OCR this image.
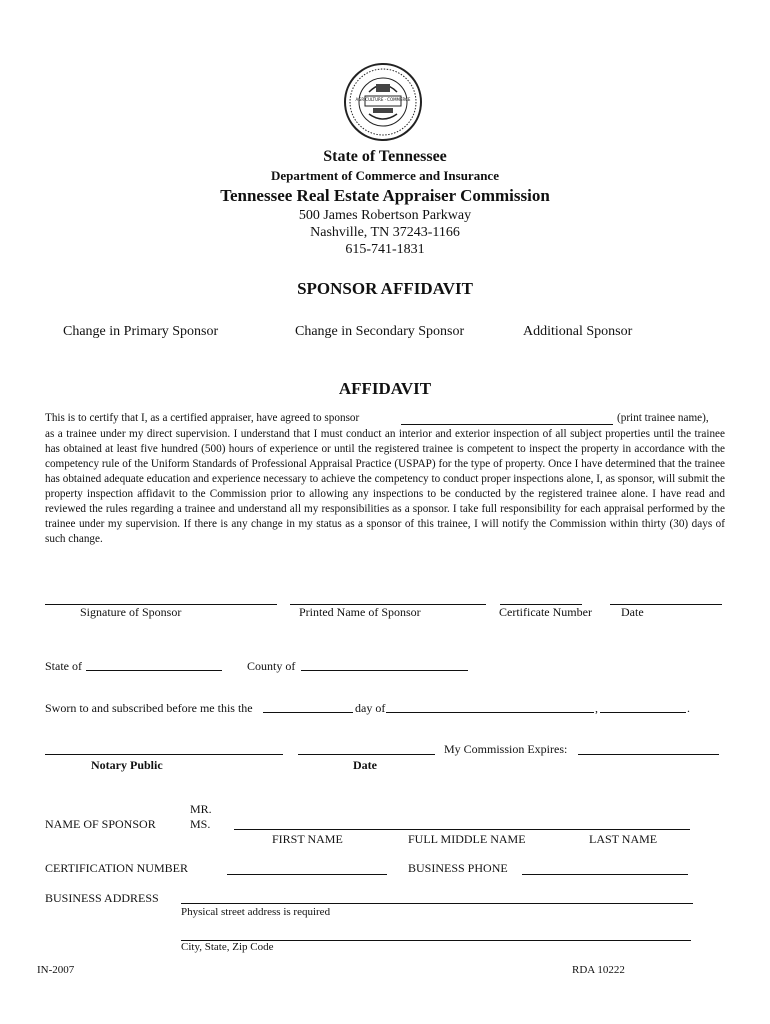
AGRICULTURE · COMMERCE
State of Tennessee
Department of Commerce and Insurance
Tennessee Real Estate Appraiser Commission
500 James Robertson Parkway
Nashville, TN 37243-1166
615-741-1831
SPONSOR AFFIDAVIT
Change in Primary Sponsor	Change in Secondary Sponsor	Additional Sponsor
AFFIDAVIT
This is to certify that I, as a certified appraiser, have agreed to sponsor	(print trainee name),
as a trainee under my direct supervision. I understand that I must conduct an interior and exterior inspection of all subject properties until the trainee has obtained at least five hundred (500) hours of experience or until the registered trainee is competent to inspect the property in accordance with the competency rule of the Uniform Standards of Professional Appraisal Practice (USPAP) for the type of property. Once I have determined that the trainee has obtained adequate education and experience necessary to achieve the competency to conduct proper inspections alone, I, as sponsor, will submit the property inspection affidavit to the Commission prior to allowing any inspections to be conducted by the registered trainee alone. I have read and reviewed the rules regarding a trainee and understand all my responsibilities as a sponsor. I take full responsibility for each appraisal performed by the trainee under my supervision. If there is any change in my status as a sponsor of this trainee, I will notify the Commission within thirty (30) days of such change.
Signature of Sponsor	Printed Name of Sponsor	Certificate Number Date
State of	County of
Sworn to and subscribed before me this the	day of	,	.
My Commission Expires:
Notary Public	Date
MR.
MS.
NAME OF SPONSOR
FIRST NAME	FULL MIDDLE NAME	LAST NAME
CERTIFICATION NUMBER	BUSINESS PHONE
BUSINESS ADDRESS
Physical street address is required
City, State, Zip Code
IN-2007	RDA 10222
